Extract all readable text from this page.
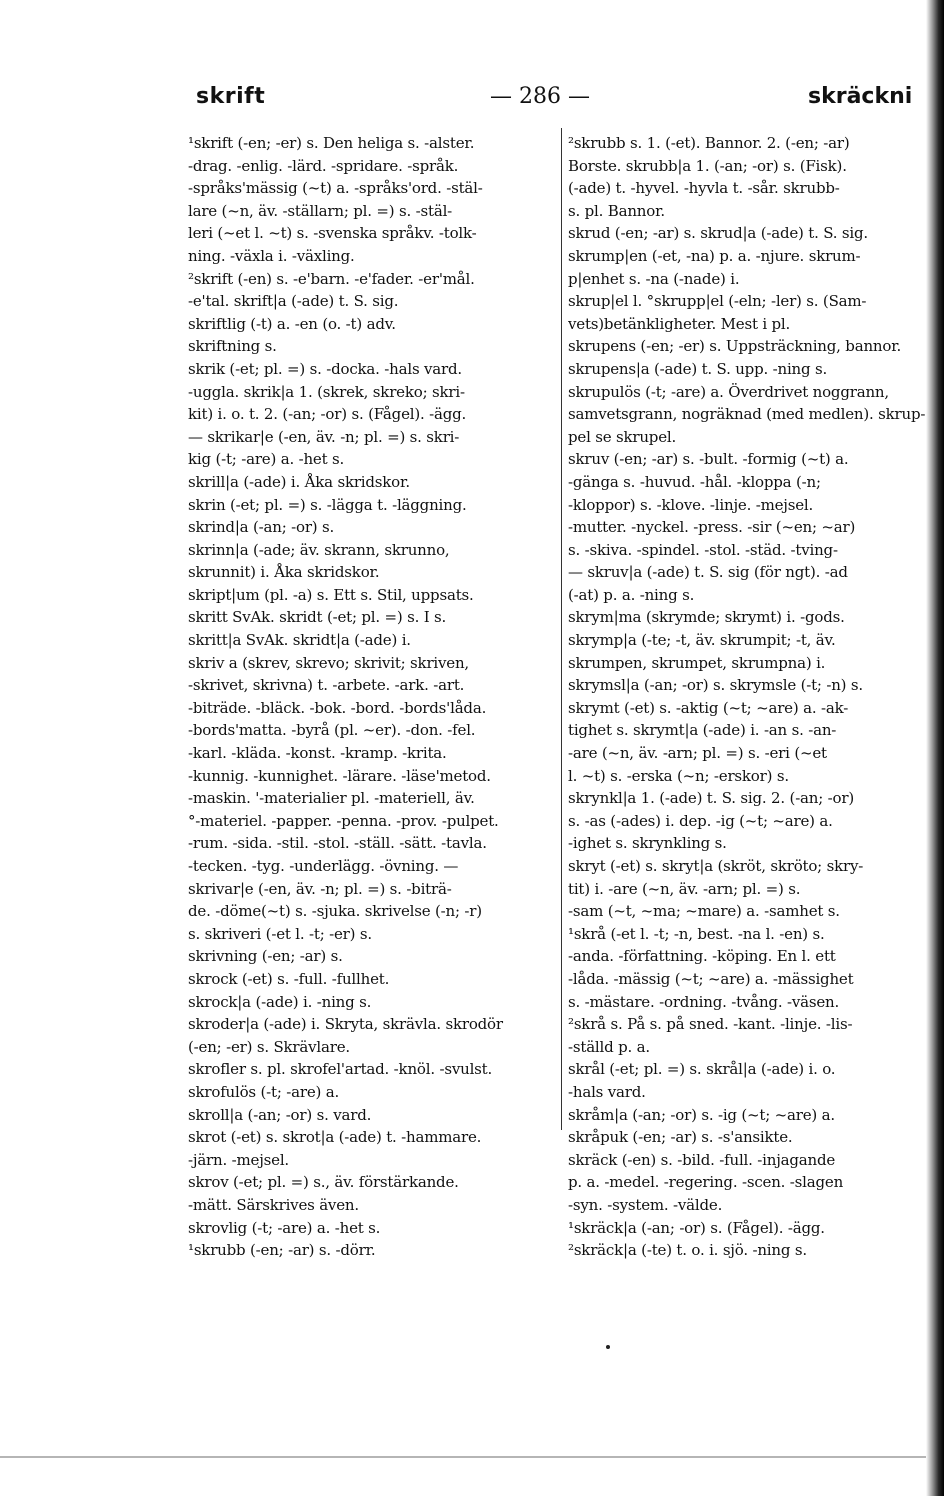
skrift	— 286 —	skräckni
¹skrift (-en; -er) s. Den heliga s. -alster.
-drag. -enlig. -lärd. -spridare. -språk.
-språks'mässig (~t) a. -språks'ord. -stäl-
lare (~n, äv. -ställarn; pl. =) s. -stäl-
leri (~et l. ~t) s. -svenska språkv. -tolk-
ning. -växla i. -växling.
²skrift (-en) s. -e'barn. -e'fader. -er'mål.
-e'tal. skrift|a (-ade) t. S. sig.
skriftlig (-t) a. -en (o. -t) adv.
skriftning s.
skrik (-et; pl. =) s. -docka. -hals vard.
-uggla. skrik|a 1. (skrek, skreko; skri-
kit) i. o. t. 2. (-an; -or) s. (Fågel). -ägg.
— skrikar|e (-en, äv. -n; pl. =) s. skri-
kig (-t; -are) a. -het s.
skrill|a (-ade) i. Åka skridskor.
skrin (-et; pl. =) s. -lägga t. -läggning.
skrind|a (-an; -or) s.
skrinn|a (-ade; äv. skrann, skrunno,
skrunnit) i. Åka skridskor.
skript|um (pl. -a) s. Ett s. Stil, uppsats.
skritt SvAk. skridt (-et; pl. =) s. I s.
skritt|a SvAk. skridt|a (-ade) i.
skriv a (skrev, skrevo; skrivit; skriven,
-skrivet, skrivna) t. -arbete. -ark. -art.
-biträde. -bläck. -bok. -bord. -bords'låda.
-bords'matta. -byrå (pl. ~er). -don. -fel.
-karl. -kläda. -konst. -kramp. -krita.
-kunnig. -kunnighet. -lärare. -läse'metod.
-maskin. '-materialier pl. -materiell, äv.
°-materiel. -papper. -penna. -prov. -pulpet.
-rum. -sida. -stil. -stol. -ställ. -sätt. -tavla.
-tecken. -tyg. -underlägg. -övning. —
skrivar|e (-en, äv. -n; pl. =) s. -biträ-
de. -döme(~t) s. -sjuka. skrivelse (-n; -r)
s. skriveri (-et l. -t; -er) s.
skrivning (-en; -ar) s.
skrock (-et) s. -full. -fullhet.
skrock|a (-ade) i. -ning s.
skroder|a (-ade) i. Skryta, skrävla. skrodör
(-en; -er) s. Skrävlare.
skrofler s. pl. skrofel'artad. -knöl. -svulst.
skrofulös (-t; -are) a.
skroll|a (-an; -or) s. vard.
skrot (-et) s. skrot|a (-ade) t. -hammare.
-järn. -mejsel.
skrov (-et; pl. =) s., äv. förstärkande.
-mätt. Särskrives även.
skrovlig (-t; -are) a. -het s.
¹skrubb (-en; -ar) s. -dörr.
²skrubb s. 1. (-et). Bannor. 2. (-en; -ar)
Borste. skrubb|a 1. (-an; -or) s. (Fisk).
(-ade) t. -hyvel. -hyvla t. -sår. skrubb-
s. pl. Bannor.
skrud (-en; -ar) s. skrud|a (-ade) t. S. sig.
skrump|en (-et, -na) p. a. -njure. skrum-
p|enhet s. -na (-nade) i.
skrup|el l. °skrupp|el (-eln; -ler) s. (Sam-
vets)betänkligheter. Mest i pl.
skrupens (-en; -er) s. Uppsträckning, bannor.
skrupens|a (-ade) t. S. upp. -ning s.
skrupulös (-t; -are) a. Överdrivet noggrann,
samvetsgrann, nogräknad (med medlen). skrup-
pel se skrupel.
skruv (-en; -ar) s. -bult. -formig (~t) a.
-gänga s. -huvud. -hål. -kloppa (-n;
-kloppor) s. -klove. -linje. -mejsel.
-mutter. -nyckel. -press. -sir (~en; ~ar)
s. -skiva. -spindel. -stol. -städ. -tving-
— skruv|a (-ade) t. S. sig (för ngt). -ad
(-at) p. a. -ning s.
skrym|ma (skrymde; skrymt) i. -gods.
skrymp|a (-te; -t, äv. skrumpit; -t, äv.
skrumpen, skrumpet, skrumpna) i.
skrymsl|a (-an; -or) s. skrymsle (-t; -n) s.
skrymt (-et) s. -aktig (~t; ~are) a. -ak-
tighet s. skrymt|a (-ade) i. -an s. -an-
-are (~n, äv. -arn; pl. =) s. -eri (~et
l. ~t) s. -erska (~n; -erskor) s.
skrynkl|a 1. (-ade) t. S. sig. 2. (-an; -or)
s. -as (-ades) i. dep. -ig (~t; ~are) a.
-ighet s. skrynkling s.
skryt (-et) s. skryt|a (skröt, skröto; skry-
tit) i. -are (~n, äv. -arn; pl. =) s.
-sam (~t, ~ma; ~mare) a. -samhet s.
¹skrå (-et l. -t; -n, best. -na l. -en) s.
-anda. -författning. -köping. En l. ett
-låda. -mässig (~t; ~are) a. -mässighet
s. -mästare. -ordning. -tvång. -väsen.
²skrå s. På s. på sned. -kant. -linje. -lis-
-ställd p. a.
skrål (-et; pl. =) s. skrål|a (-ade) i. o.
-hals vard.
skråm|a (-an; -or) s. -ig (~t; ~are) a.
skråpuk (-en; -ar) s. -s'ansikte.
skräck (-en) s. -bild. -full. -injagande
p. a. -medel. -regering. -scen. -slagen
-syn. -system. -välde.
¹skräck|a (-an; -or) s. (Fågel). -ägg.
²skräck|a (-te) t. o. i. sjö. -ning s.
